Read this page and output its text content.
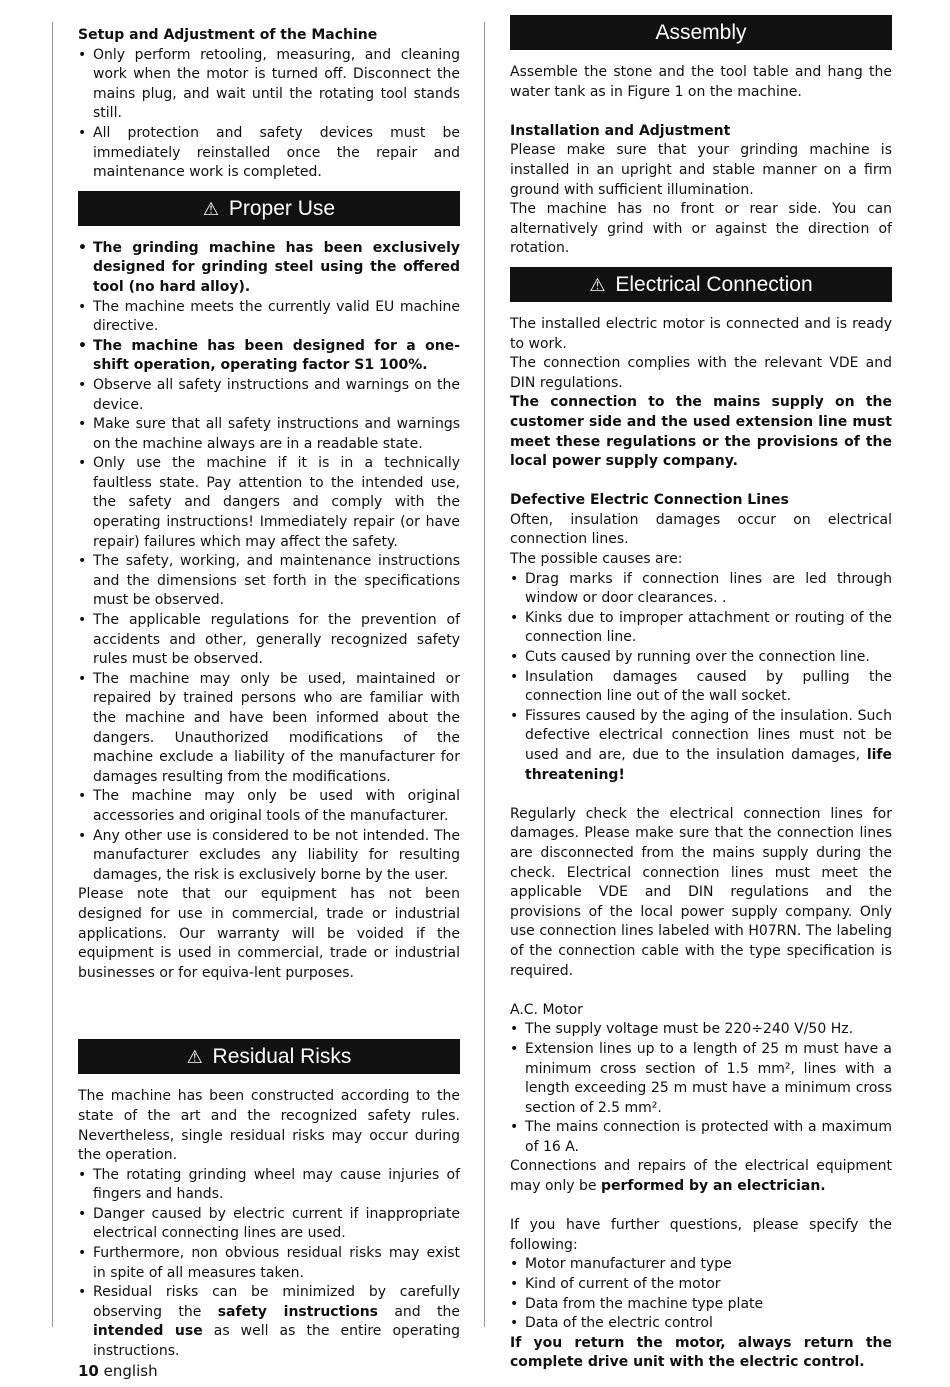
Setup and Adjustment of the Machine

• Only perform retooling, measuring, and cleaning work when the motor is turned off. Disconnect the mains plug, and wait until the rotating tool stands still.
• All protection and safety devices must be immediately reinstalled once the repair and maintenance work is completed.
⚠ Proper Use
• The grinding machine has been exclusively designed for grinding steel using the offered tool (no hard alloy).
• The machine meets the currently valid EU machine directive.
• The machine has been designed for a one-shift operation, operating factor S1 100%.
• Observe all safety instructions and warnings on the device.
• Make sure that all safety instructions and warnings on the machine always are in a readable state.
• Only use the machine if it is in a technically faultless state. Pay attention to the intended use, the safety and dangers and comply with the operating instructions! Immediately repair (or have repair) failures which may affect the safety.
• The safety, working, and maintenance instructions and the dimensions set forth in the specifications must be observed.
• The applicable regulations for the prevention of accidents and other, generally recognized safety rules must be observed.
• The machine may only be used, maintained or repaired by trained persons who are familiar with the machine and have been informed about the dangers. Unauthorized modifications of the machine exclude a liability of the manufacturer for damages resulting from the modifications.
• The machine may only be used with original accessories and original tools of the manufacturer.
• Any other use is considered to be not intended. The manufacturer excludes any liability for resulting damages, the risk is exclusively borne by the user.

Please note that our equipment has not been designed for use in commercial, trade or industrial applications. Our warranty will be voided if the equipment is used in commercial, trade or industrial businesses or for equiva-lent purposes.

⚠ Residual Risks

The machine has been constructed according to the state of the art and the recognized safety rules. Nevertheless, single residual risks may occur during the operation.

• The rotating grinding wheel may cause injuries of fingers and hands.
• Danger caused by electric current if inappropriate electrical connecting lines are used.
• Furthermore, non obvious residual risks may exist in spite of all measures taken.
• Residual risks can be minimized by carefully observing the safety instructions and the intended use as well as the entire operating instructions.
Assembly

Assemble the stone and the tool table and hang the water tank as in Figure 1 on the machine.

Installation and Adjustment

Please make sure that your grinding machine is installed in an upright and stable manner on a firm ground with sufficient illumination.

The machine has no front or rear side. You can alternatively grind with or against the direction of rotation.

⚠ Electrical Connection

The installed electric motor is connected and is ready to work.

The connection complies with the relevant VDE and DIN regulations.

The connection to the mains supply on the customer side and the used extension line must meet these regulations or the provisions of the local power supply company.

Defective Electric Connection Lines

Often, insulation damages occur on electrical connection lines.

The possible causes are:

• Drag marks if connection lines are led through window or door clearances. .
• Kinks due to improper attachment or routing of the connection line.
• Cuts caused by running over the connection line.
• Insulation damages caused by pulling the connection line out of the wall socket.
• Fissures caused by the aging of the insulation. Such defective electrical connection lines must not be used and are, due to the insulation damages, life threatening!

Regularly check the electrical connection lines for damages. Please make sure that the connection lines are disconnected from the mains supply during the check. Electrical connection lines must meet the applicable VDE and DIN regulations and the provisions of the local power supply company. Only use connection lines labeled with H07RN. The labeling of the connection cable with the type specification is required.

A.C. Motor

• The supply voltage must be 220÷240 V/50 Hz.
• Extension lines up to a length of 25 m must have a minimum cross section of 1.5 mm², lines with a length exceeding 25 m must have a minimum cross section of 2.5 mm².
• The mains connection is protected with a maximum of 16 A.

Connections and repairs of the electrical equipment may only be performed by an electrician.

If you have further questions, please specify the following:

• Motor manufacturer and type
• Kind of current of the motor
• Data from the machine type plate
• Data of the electric control

If you return the motor, always return the complete drive unit with the electric control.

10 english
